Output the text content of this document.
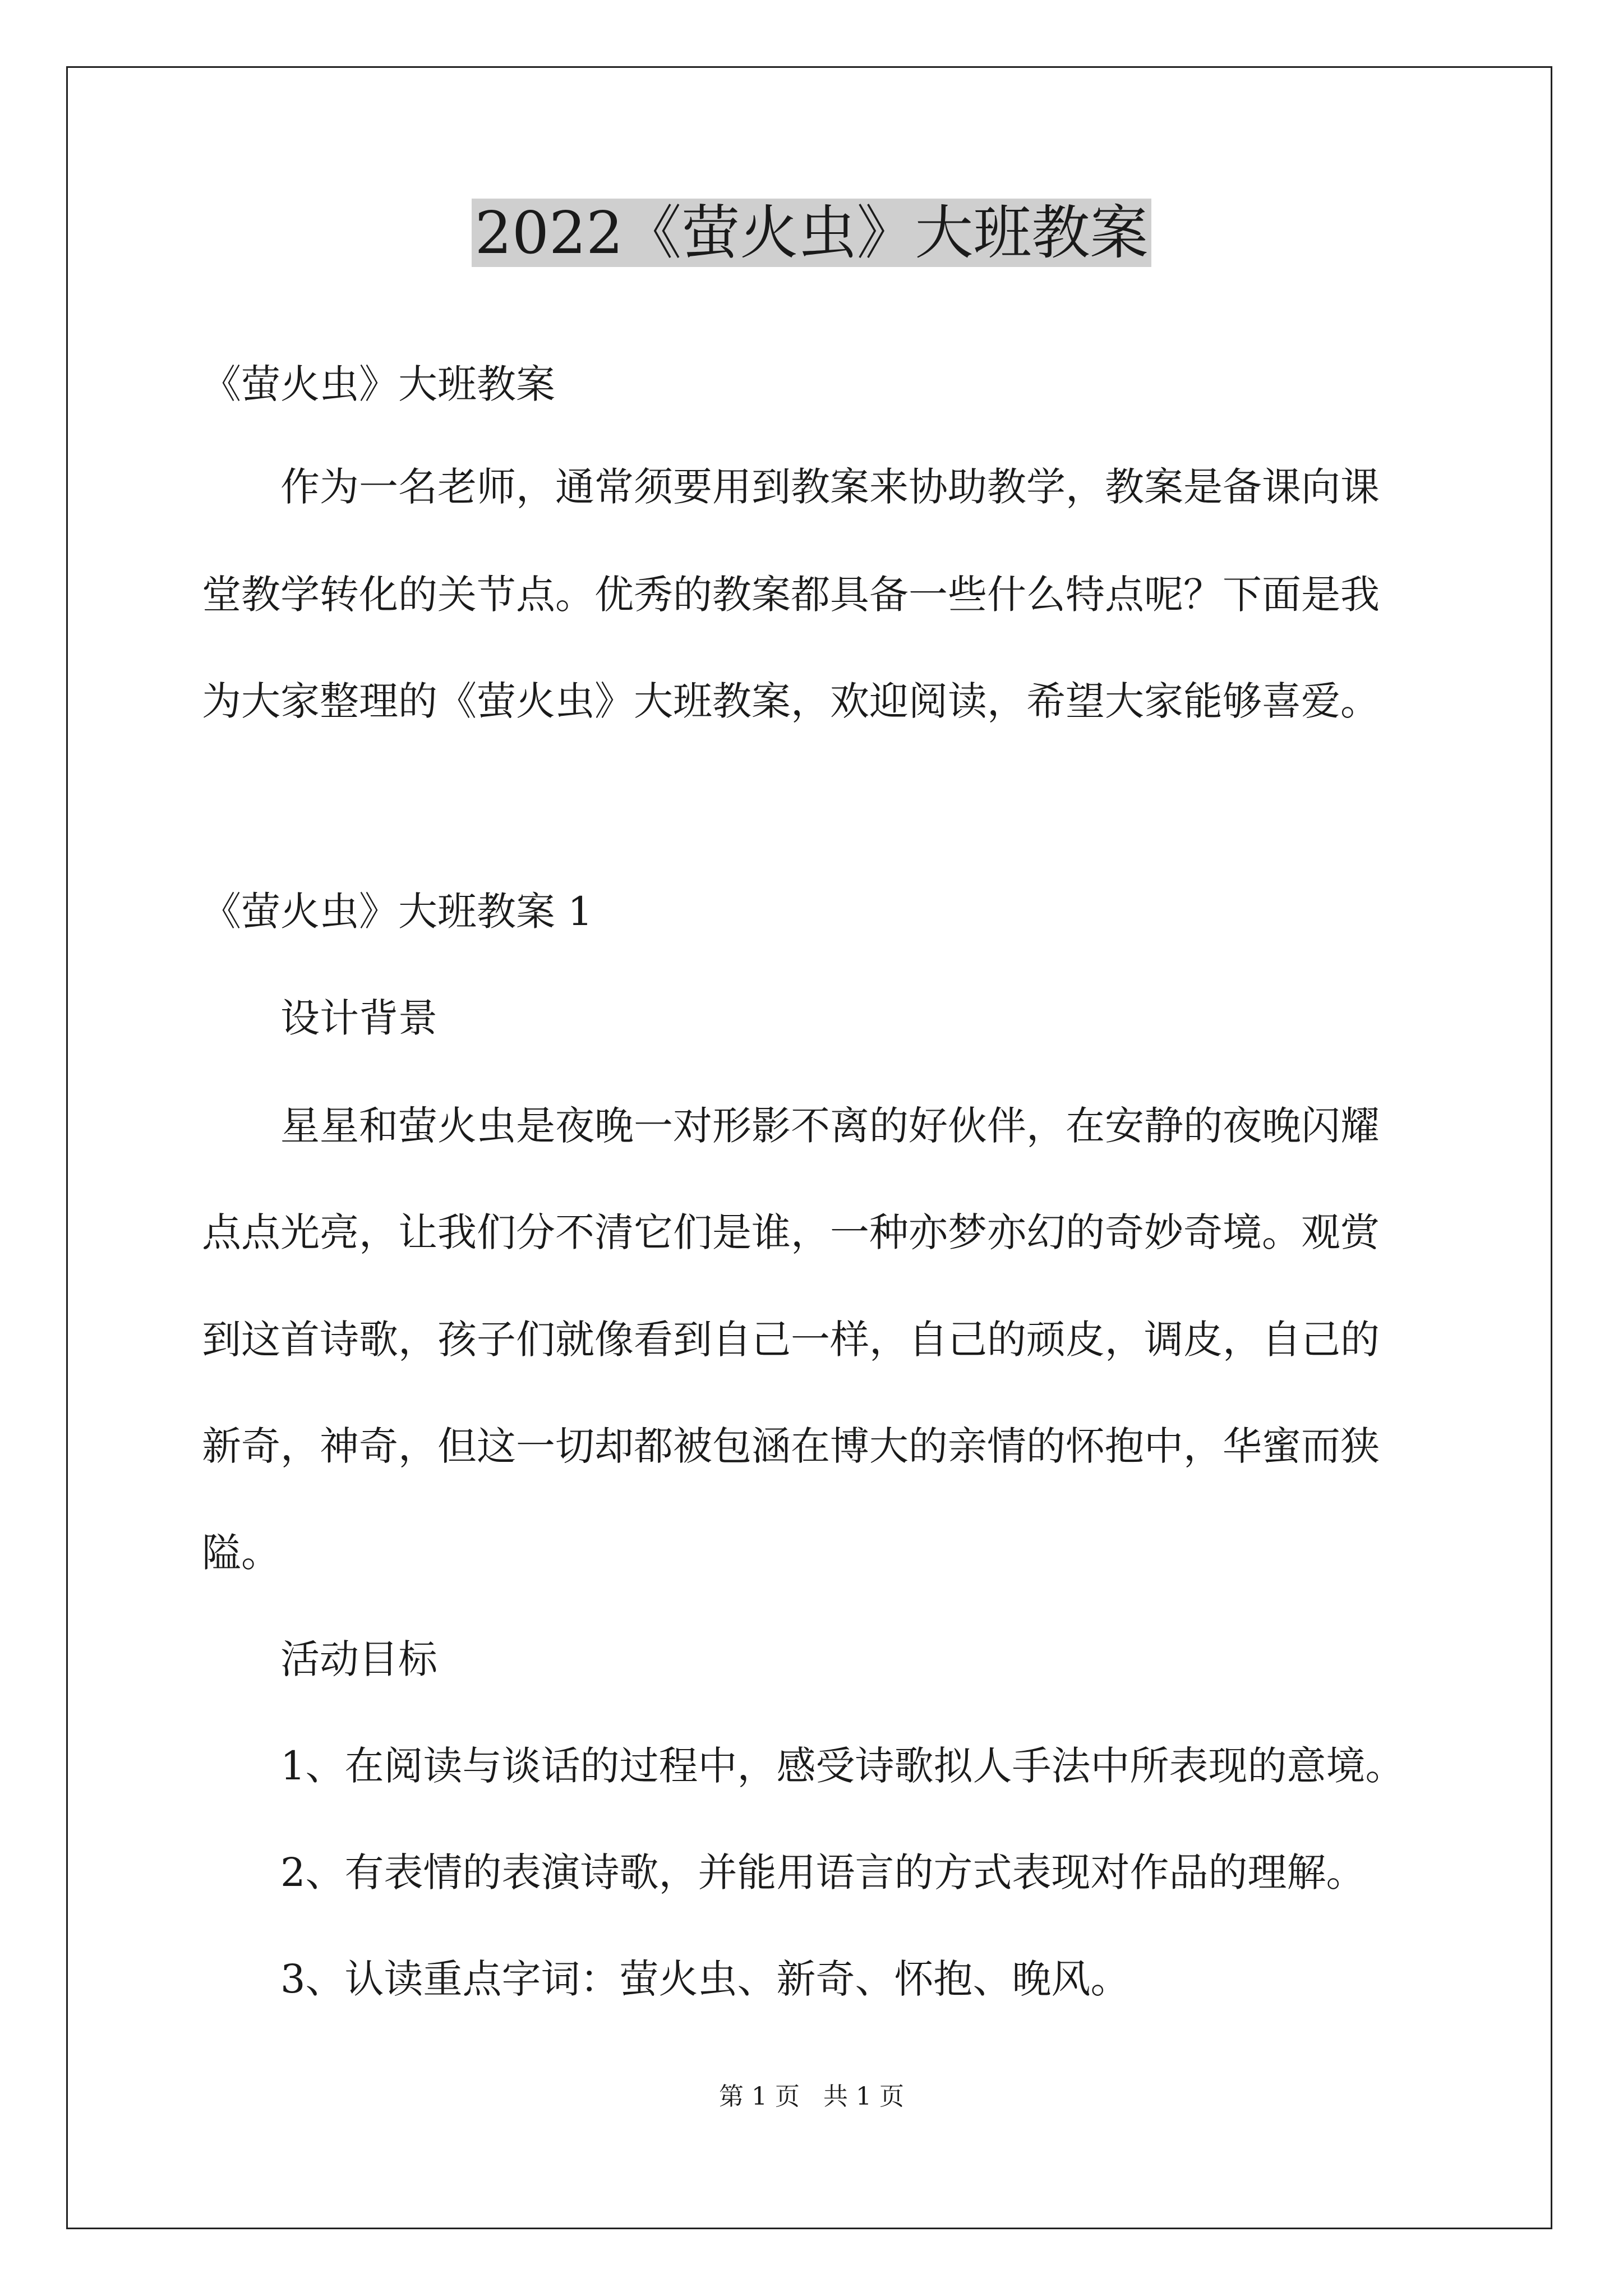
2022《萤火虫》大班教案
《萤火虫》大班教案
作为一名老师，通常须要用到教案来协助教学，教案是备课向课
堂教学转化的关节点。优秀的教案都具备一些什么特点呢？下面是我
为大家整理的《萤火虫》大班教案，欢迎阅读，希望大家能够喜爱。
《萤火虫》大班教案 1
设计背景
星星和萤火虫是夜晚一对形影不离的好伙伴，在安静的夜晚闪耀
点点光亮，让我们分不清它们是谁，一种亦梦亦幻的奇妙奇境。观赏
到这首诗歌，孩子们就像看到自己一样，自己的顽皮，调皮，自己的
新奇，神奇，但这一切却都被包涵在博大的亲情的怀抱中，华蜜而狭
隘。
活动目标
1、在阅读与谈话的过程中，感受诗歌拟人手法中所表现的意境。
2、有表情的表演诗歌，并能用语言的方式表现对作品的理解。
3、认读重点字词：萤火虫、新奇、怀抱、晚风。
第 1 页   共 1 页
